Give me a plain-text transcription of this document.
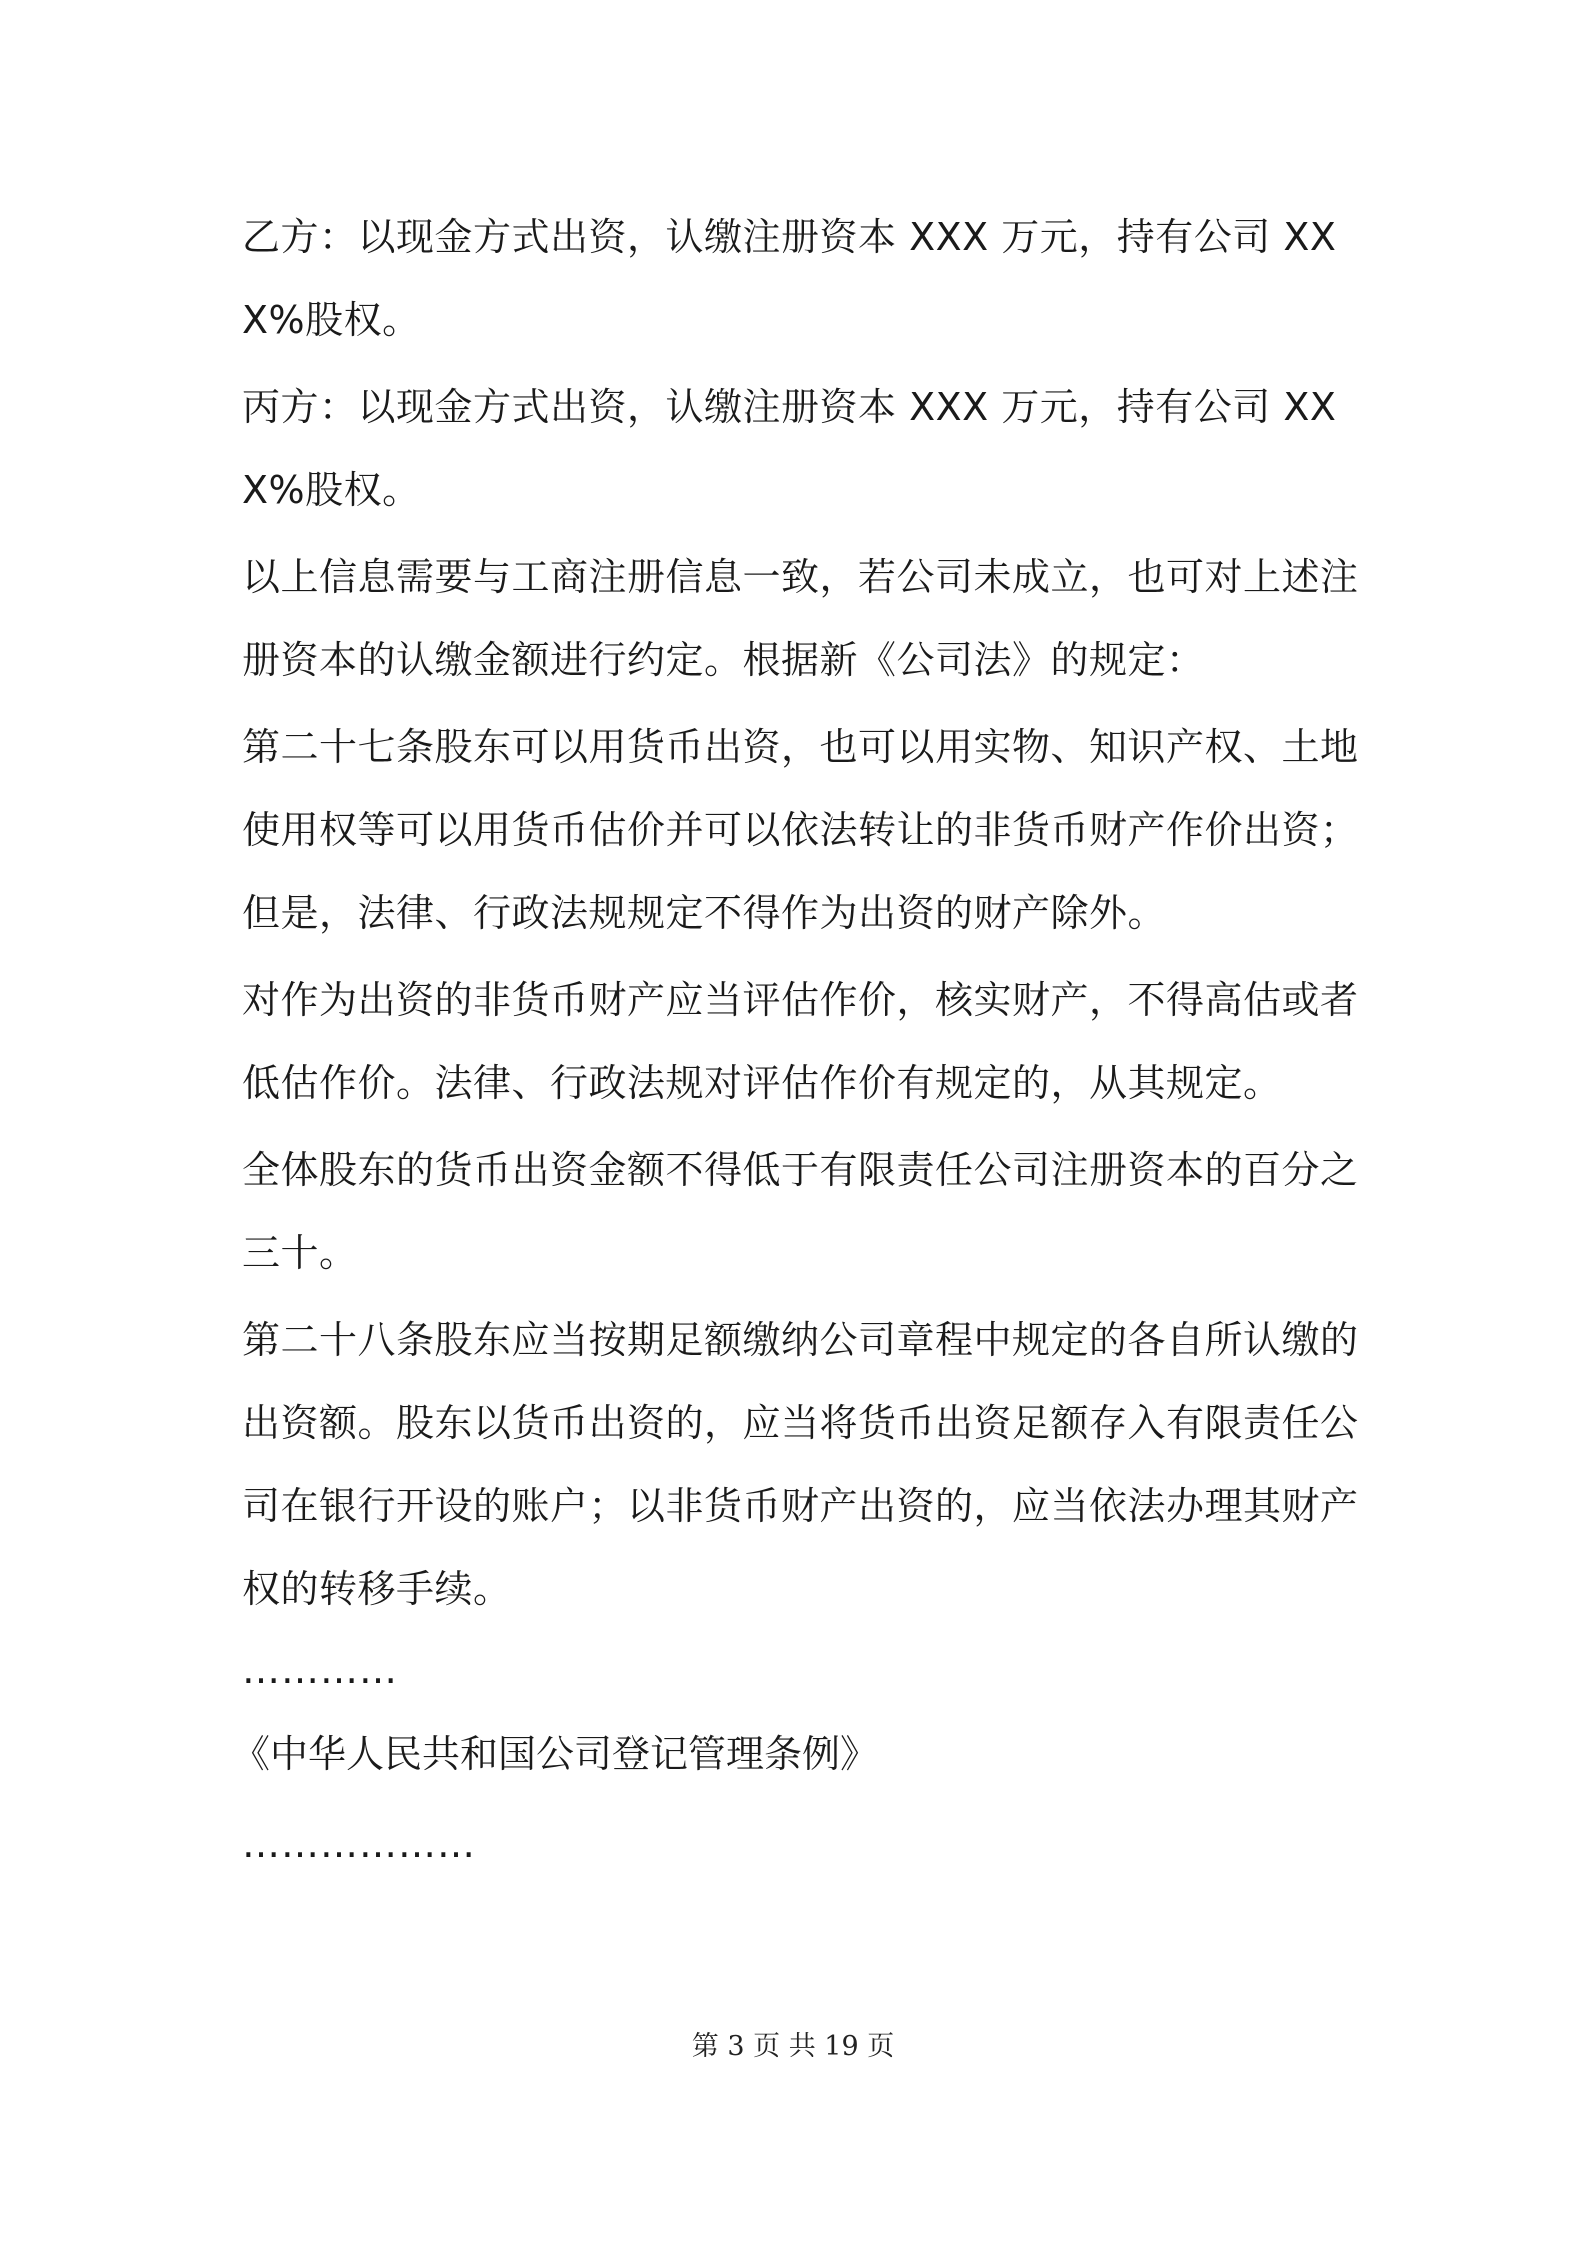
乙方：以现金方式出资，认缴注册资本 XXX 万元，持有公司 XXX%股权。

丙方：以现金方式出资，认缴注册资本 XXX 万元，持有公司 XXX%股权。

以上信息需要与工商注册信息一致，若公司未成立，也可对上述注册资本的认缴金额进行约定。根据新《公司法》的规定：

第二十七条股东可以用货币出资，也可以用实物、知识产权、土地使用权等可以用货币估价并可以依法转让的非货币财产作价出资；但是，法律、行政法规规定不得作为出资的财产除外。

对作为出资的非货币财产应当评估作价，核实财产，不得高估或者低估作价。法律、行政法规对评估作价有规定的，从其规定。

全体股东的货币出资金额不得低于有限责任公司注册资本的百分之三十。

第二十八条股东应当按期足额缴纳公司章程中规定的各自所认缴的出资额。股东以货币出资的，应当将货币出资足额存入有限责任公司在银行开设的账户；以非货币财产出资的，应当依法办理其财产权的转移手续。

…………

《中华人民共和国公司登记管理条例》

………………

第 3 页 共 19 页
